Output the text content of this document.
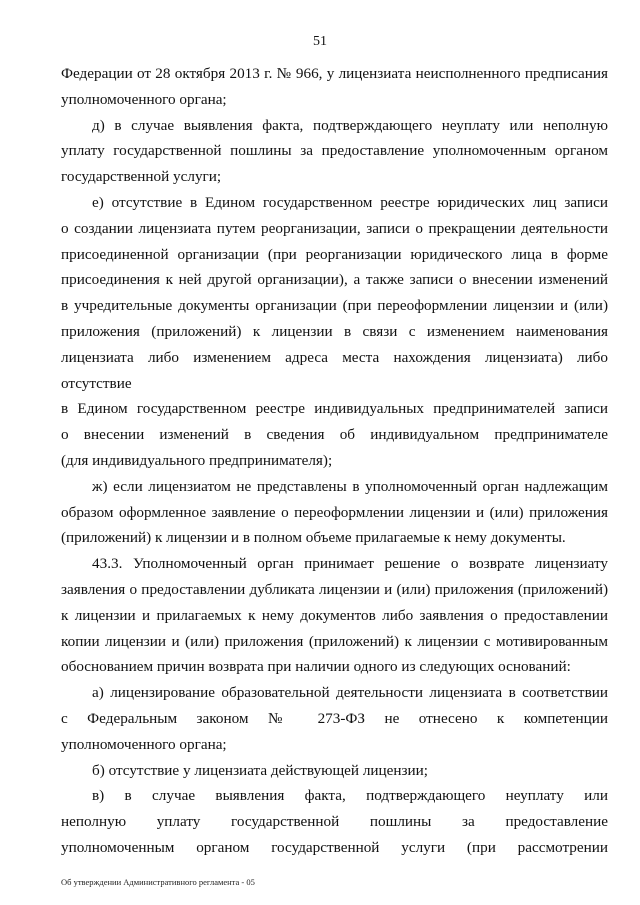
51
Федерации от 28 октября 2013 г. № 966, у лицензиата неисполненного предписания
уполномоченного органа;
д) в случае выявления факта, подтверждающего неуплату или неполную
уплату государственной пошлины за предоставление уполномоченным органом
государственной услуги;
е) отсутствие в Едином государственном реестре юридических лиц записи
о создании лицензиата путем реорганизации, записи о прекращении деятельности
присоединенной организации (при реорганизации юридического лица в форме
присоединения к ней другой организации), а также записи о внесении изменений
в учредительные документы организации (при переоформлении лицензии и (или)
приложения (приложений) к лицензии в связи с изменением наименования
лицензиата либо изменением адреса места нахождения лицензиата) либо отсутствие
в Едином государственном реестре индивидуальных предпринимателей записи
о внесении изменений в сведения об индивидуальном предпринимателе
(для индивидуального предпринимателя);
ж) если лицензиатом не представлены в уполномоченный орган надлежащим
образом оформленное заявление о переоформлении лицензии и (или) приложения
(приложений) к лицензии и в полном объеме прилагаемые к нему документы.
43.3. Уполномоченный орган принимает решение о возврате лицензиату
заявления о предоставлении дубликата лицензии и (или) приложения (приложений)
к лицензии и прилагаемых к нему документов либо заявления о предоставлении
копии лицензии и (или) приложения (приложений) к лицензии с мотивированным
обоснованием причин возврата при наличии одного из следующих оснований:
а) лицензирование образовательной деятельности лицензиата в соответствии
с Федеральным законом № 273-ФЗ не отнесено к компетенции
уполномоченного органа;
б) отсутствие у лицензиата действующей лицензии;
в) в случае выявления факта, подтверждающего неуплату или
неполную уплату государственной пошлины за предоставление
уполномоченным органом государственной услуги (при рассмотрении
Об утверждении Административного регламента - 05
